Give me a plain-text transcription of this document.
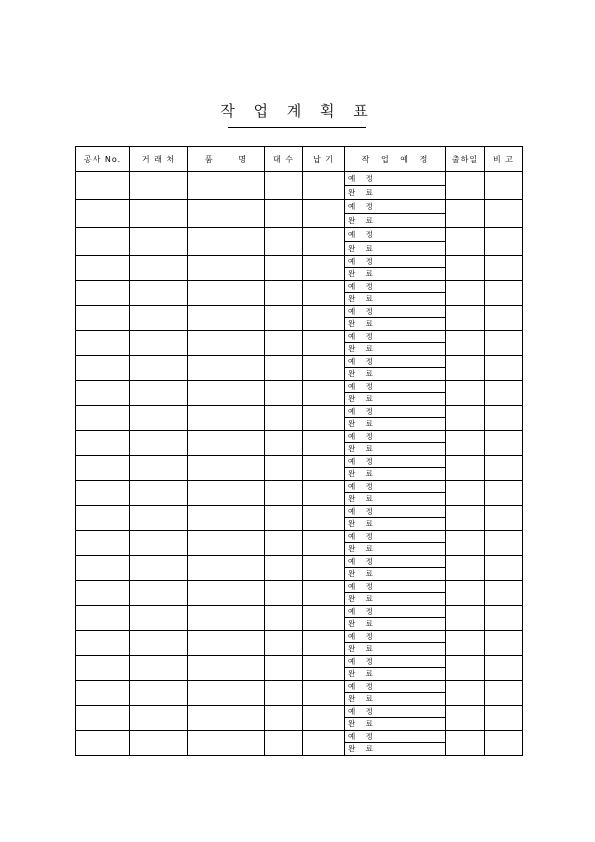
작 업 계 획 표
공사 No.	거 래 처	품       명	대 수	납 기	작   업   예   정	출하일	비 고
					예 정		
					완 료		
					예 정		
					완 료		
					예 정		
					완 료		
					예 정		
					완 료		
					예 정		
					완 료		
					예 정		
					완 료		
					예 정		
					완 료		
					예 정		
					완 료		
					예 정		
					완 료		
					예 정		
					완 료		
					예 정		
					완 료		
					예 정		
					완 료		
					예 정		
					완 료		
					예 정		
					완 료		
					예 정		
					완 료		
					예 정		
					완 료		
					예 정		
					완 료		
					예 정		
					완 료		
					예 정		
					완 료		
					예 정		
					완 료		
					예 정		
					완 료		
					예 정		
					완 료		
					예 정		
					완 료		
